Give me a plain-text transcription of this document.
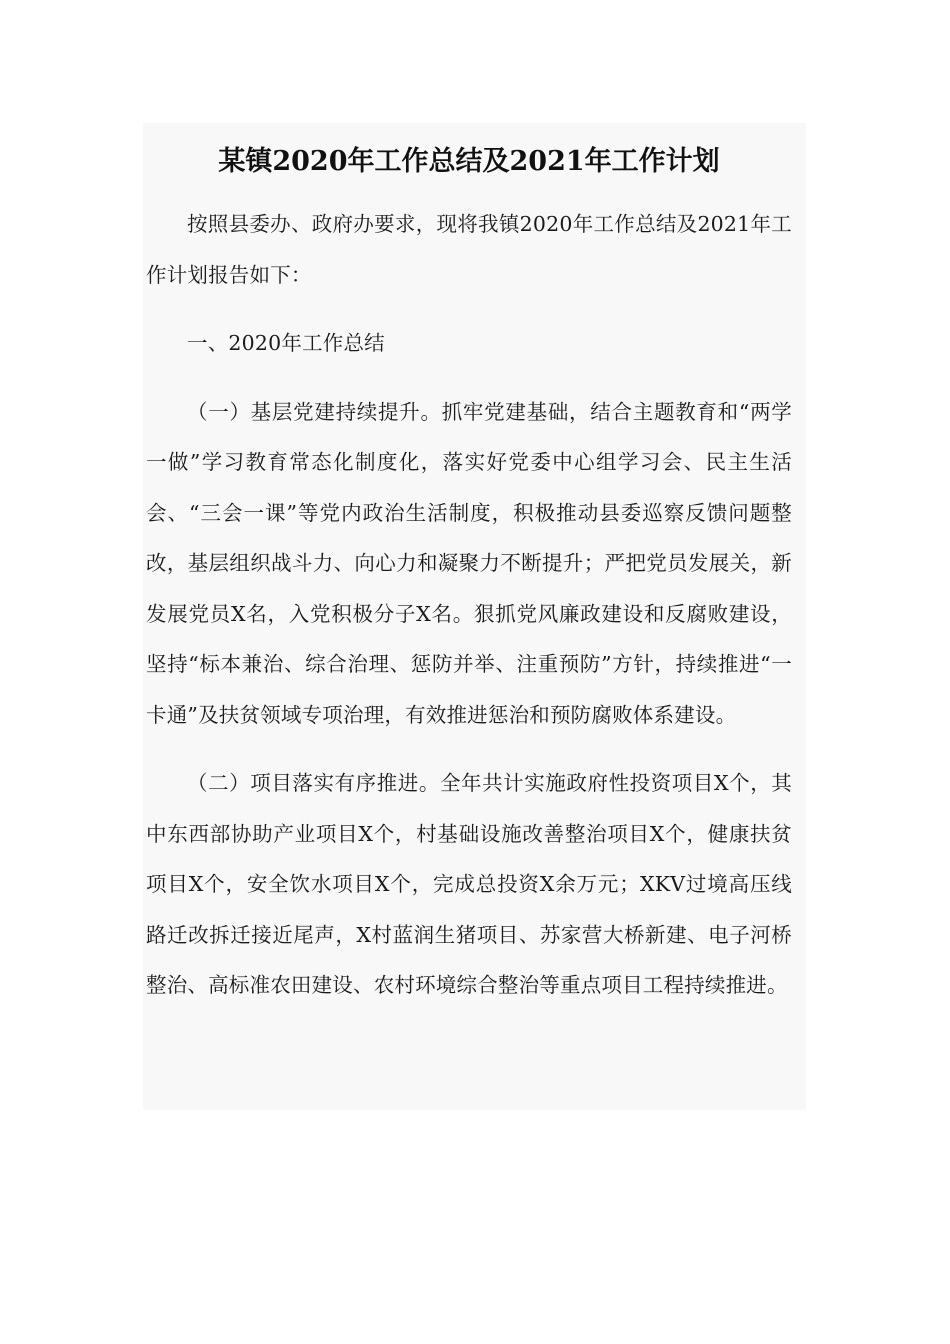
某镇2020年工作总结及2021年工作计划

按照县委办、政府办要求，现将我镇2020年工作总结及2021年工作计划报告如下：

一、2020年工作总结

（一）基层党建持续提升。抓牢党建基础，结合主题教育和“两学一做”学习教育常态化制度化，落实好党委中心组学习会、民主生活会、“三会一课”等党内政治生活制度，积极推动县委巡察反馈问题整改，基层组织战斗力、向心力和凝聚力不断提升；严把党员发展关，新发展党员X名，入党积极分子X名。狠抓党风廉政建设和反腐败建设，坚持“标本兼治、综合治理、惩防并举、注重预防”方针，持续推进“一卡通”及扶贫领域专项治理，有效推进惩治和预防腐败体系建设。

（二）项目落实有序推进。全年共计实施政府性投资项目X个，其中东西部协助产业项目X个，村基础设施改善整治项目X个，健康扶贫项目X个，安全饮水项目X个，完成总投资X余万元；XKV过境高压线路迁改拆迁接近尾声，X村蓝润生猪项目、苏家营大桥新建、电子河桥整治、高标准农田建设、农村环境综合整治等重点项目工程持续推进。
